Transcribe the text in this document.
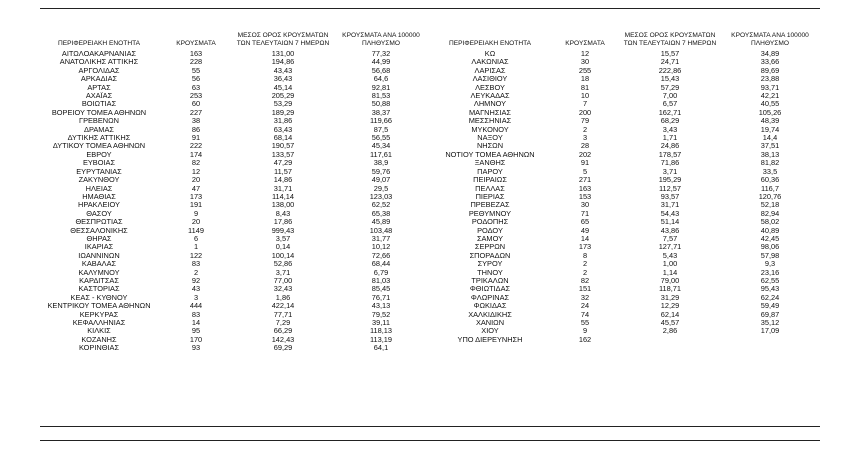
ΠΕΡΙΦΕΡΕΙΑΚΗ ΕΝΟΤΗΤΑ	ΚΡΟΥΣΜΑΤΑ	ΜΕΣΟΣ ΟΡΟΣ ΚΡΟΥΣΜΑΤΩΝ ΤΩΝ ΤΕΛΕΥΤΑΙΩΝ 7 ΗΜΕΡΩΝ	ΚΡΟΥΣΜΑΤΑ ΑΝΑ 100000 ΠΛΗΘΥΣΜΟ	ΠΕΡΙΦΕΡΕΙΑΚΗ ΕΝΟΤΗΤΑ	ΚΡΟΥΣΜΑΤΑ	ΜΕΣΟΣ ΟΡΟΣ ΚΡΟΥΣΜΑΤΩΝ ΤΩΝ ΤΕΛΕΥΤΑΙΩΝ 7 ΗΜΕΡΩΝ	ΚΡΟΥΣΜΑΤΑ ΑΝΑ 100000 ΠΛΗΘΥΣΜΟ
ΑΙΤΩΛΟΑΚΑΡΝΑΝΙΑΣ	163	131,00	77,32	ΚΩ	12	15,57	34,89
ΑΝΑΤΟΛΙΚΗΣ ΑΤΤΙΚΗΣ	228	194,86	44,99	ΛΑΚΩΝΙΑΣ	30	24,71	33,66
ΑΡΓΟΛΙΔΑΣ	55	43,43	56,68	ΛΑΡΙΣΑΣ	255	222,86	89,69
ΑΡΚΑΔΙΑΣ	56	36,43	64,6	ΛΑΣΙΘΙΟΥ	18	15,43	23,88
ΑΡΤΑΣ	63	45,14	92,81	ΛΕΣΒΟΥ	81	57,29	93,71
ΑΧΑΪΑΣ	253	205,29	81,53	ΛΕΥΚΑΔΑΣ	10	7,00	42,21
ΒΟΙΩΤΙΑΣ	60	53,29	50,88	ΛΗΜΝΟΥ	7	6,57	40,55
ΒΟΡΕΙΟΥ ΤΟΜΕΑ ΑΘΗΝΩΝ	227	189,29	38,37	ΜΑΓΝΗΣΙΑΣ	200	162,71	105,26
ΓΡΕΒΕΝΩΝ	38	31,86	119,66	ΜΕΣΣΗΝΙΑΣ	79	68,29	48,39
ΔΡΑΜΑΣ	86	63,43	87,5	ΜΥΚΟΝΟΥ	2	3,43	19,74
ΔΥΤΙΚΗΣ ΑΤΤΙΚΗΣ	91	68,14	56,55	ΝΑΞΟΥ	3	1,71	14,4
ΔΥΤΙΚΟΥ ΤΟΜΕΑ ΑΘΗΝΩΝ	222	190,57	45,34	ΝΗΣΩΝ	28	24,86	37,51
ΕΒΡΟΥ	174	133,57	117,61	ΝΟΤΙΟΥ ΤΟΜΕΑ ΑΘΗΝΩΝ	202	178,57	38,13
ΕΥΒΟΙΑΣ	82	47,29	38,9	ΞΑΝΘΗΣ	91	71,86	81,82
ΕΥΡΥΤΑΝΙΑΣ	12	11,57	59,76	ΠΑΡΟΥ	5	3,71	33,5
ΖΑΚΥΝΘΟΥ	20	14,86	49,07	ΠΕΙΡΑΙΩΣ	271	195,29	60,36
ΗΛΕΙΑΣ	47	31,71	29,5	ΠΕΛΛΑΣ	163	112,57	116,7
ΗΜΑΘΙΑΣ	173	114,14	123,03	ΠΙΕΡΙΑΣ	153	93,57	120,76
ΗΡΑΚΛΕΙΟΥ	191	138,00	62,52	ΠΡΕΒΕΖΑΣ	30	31,71	52,18
ΘΑΣΟΥ	9	8,43	65,38	ΡΕΘΥΜΝΟΥ	71	54,43	82,94
ΘΕΣΠΡΩΤΙΑΣ	20	17,86	45,89	ΡΟΔΟΠΗΣ	65	51,14	58,02
ΘΕΣΣΑΛΟΝΙΚΗΣ	1149	999,43	103,48	ΡΟΔΟΥ	49	43,86	40,89
ΘΗΡΑΣ	6	3,57	31,77	ΣΑΜΟΥ	14	7,57	42,45
ΙΚΑΡΙΑΣ	1	0,14	10,12	ΣΕΡΡΩΝ	173	127,71	98,06
ΙΩΑΝΝΙΝΩΝ	122	100,14	72,66	ΣΠΟΡΑΔΩΝ	8	5,43	57,98
ΚΑΒΑΛΑΣ	83	52,86	68,44	ΣΥΡΟΥ	2	1,00	9,3
ΚΑΛΥΜΝΟΥ	2	3,71	6,79	ΤΗΝΟΥ	2	1,14	23,16
ΚΑΡΔΙΤΣΑΣ	92	77,00	81,03	ΤΡΙΚΑΛΩΝ	82	79,00	62,55
ΚΑΣΤΟΡΙΑΣ	43	32,43	85,45	ΦΘΙΩΤΙΔΑΣ	151	118,71	95,43
ΚΕΑΣ - ΚΥΘΝΟΥ	3	1,86	76,71	ΦΛΩΡΙΝΑΣ	32	31,29	62,24
ΚΕΝΤΡΙΚΟΥ ΤΟΜΕΑ ΑΘΗΝΩΝ	444	422,14	43,13	ΦΩΚΙΔΑΣ	24	12,29	59,49
ΚΕΡΚΥΡΑΣ	83	77,71	79,52	ΧΑΛΚΙΔΙΚΗΣ	74	62,14	69,87
ΚΕΦΑΛΛΗΝΙΑΣ	14	7,29	39,11	ΧΑΝΙΩΝ	55	45,57	35,12
ΚΙΛΚΙΣ	95	66,29	118,13	ΧΙΟΥ	9	2,86	17,09
ΚΟΖΑΝΗΣ	170	142,43	113,19	ΥΠΟ ΔΙΕΡΕΥΝΗΣΗ	162		
ΚΟΡΙΝΘΙΑΣ	93	69,29	64,1				
